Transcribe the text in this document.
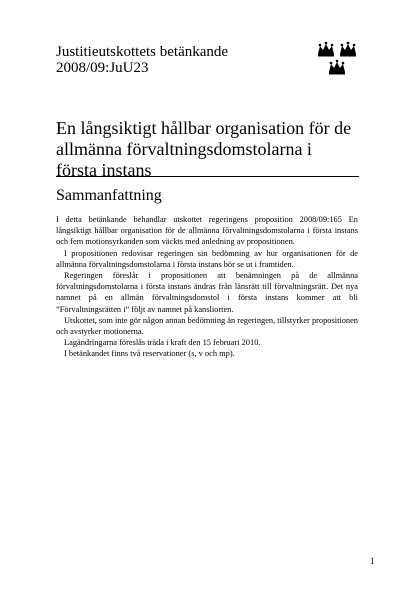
Justitieutskottets betänkande
2008/09:JuU23
En långsiktigt hållbar organisation för de allmänna förvaltningsdomstolarna i första instans
Sammanfattning

I detta betänkande behandlar utskottet regeringens proposition 2008/09:165 En långsiktigt hållbar organisation för de allmänna förvaltningsdomstolarna i första instans och fem motionsyrkanden som väckts med anledning av propositionen.

I propositionen redovisar regeringen sin bedömning av hur organisationen för de allmänna förvaltningsdomstolarna i första instans bör se ut i framtiden.

Regeringen föreslår i propositionen att benämningen på de allmänna förvaltningsdomstolarna i första instans ändras från länsrätt till förvaltningsrätt. Det nya namnet på en allmän förvaltningsdomstol i första instans kommer att bli ”Förvaltningsrätten i” följt av namnet på kansliorten.

Utskottet, som inte gör någon annan bedömning än regeringen, tillstyrker propositionen och avstyrker motionerna.

Lagändringarna föreslås träda i kraft den 15 februari 2010.

I betänkandet finns två reservationer (s, v och mp).

1
